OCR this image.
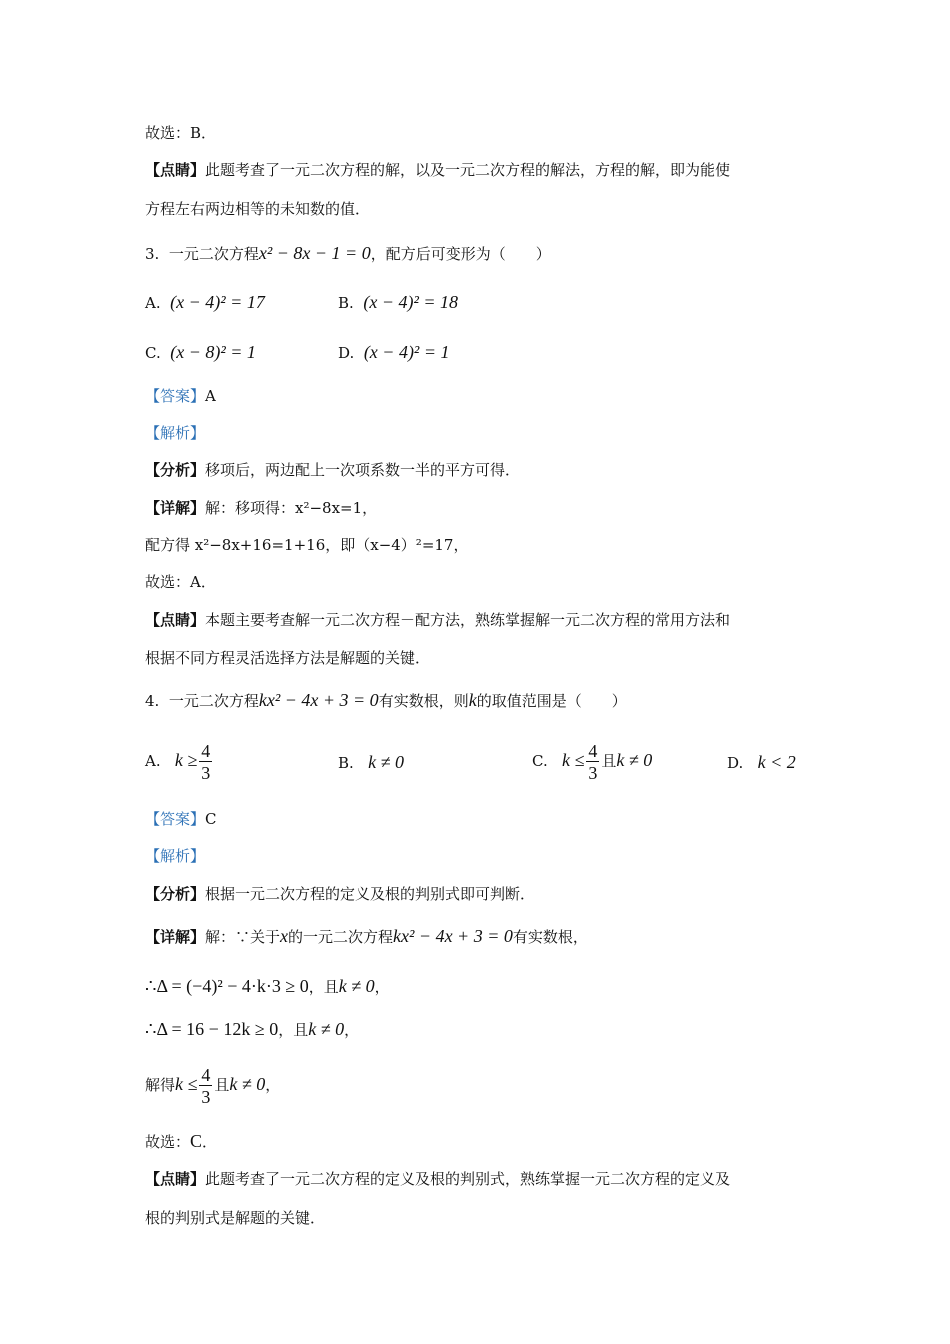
故选：B．
【点睛】此题考查了一元二次方程的解，以及一元二次方程的解法，方程的解，即为能使
方程左右两边相等的未知数的值．
3. 一元二次方程x² − 8x − 1 = 0，配方后可变形为（　　）
A. (x − 4)² = 17	B. (x − 4)² = 18
C. (x − 8)² = 1	D. (x − 4)² = 1
【答案】A
【解析】
【分析】移项后，两边配上一次项系数一半的平方可得．
【详解】解：移项得：x²−8x=1，
配方得 x²−8x+16=1+16，即（x−4）²=17，
故选：A．
【点睛】本题主要考查解一元二次方程－配方法，熟练掌握解一元二次方程的常用方法和
根据不同方程灵活选择方法是解题的关键．
4. 一元二次方程kx² − 4x + 3 = 0有实数根，则k的取值范围是（　　）
A. $k \ge \frac{4}{3}$	B. k ≠ 0	C. $k \le \frac{4}{3}$ 且k ≠ 0	D. k < 2
【答案】C
【解析】
【分析】根据一元二次方程的定义及根的判别式即可判断．
【详解】解：∵关于x的一元二次方程kx² − 4x + 3 = 0有实数根，
∴Δ = (−4)² − 4·k·3 ≥ 0，且k ≠ 0，
∴Δ = 16 − 12k ≥ 0，且k ≠ 0，
解得$k \le \frac{4}{3}$ 且k ≠ 0，
故选：C．
【点睛】此题考查了一元二次方程的定义及根的判别式，熟练掌握一元二次方程的定义及
根的判别式是解题的关键．
